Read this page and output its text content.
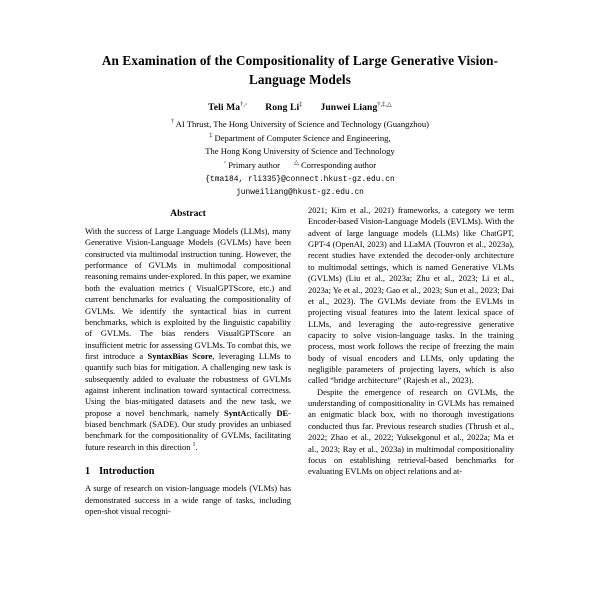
An Examination of the Compositionality of Large Generative Vision-Language Models
Teli Ma†,◦ Rong Li‡ Junwei Liang†,‡,△
† AI Thrust, The Hong University of Science and Technology (Guangzhou)
‡ Department of Computer Science and Engineering,
The Hong Kong University of Science and Technology
◦ Primary author △ Corresponding author
{tma184, rli335}@connect.hkust-gz.edu.cn
junweiliang@hkust-gz.edu.cn
Abstract

With the success of Large Language Models (LLMs), many Generative Vision-Language Models (GVLMs) have been constructed via multimodal instruction tuning. However, the performance of GVLMs in multimodal compositional reasoning remains under-explored. In this paper, we examine both the evaluation metrics ( VisualGPTScore, etc.) and current benchmarks for evaluating the compositionality of GVLMs. We identify the syntactical bias in current benchmarks, which is exploited by the linguistic capability of GVLMs. The bias renders VisualGPTScore an insufficient metric for assessing GVLMs. To combat this, we first introduce a SyntaxBias Score, leveraging LLMs to quantify such bias for mitigation. A challenging new task is subsequently added to evaluate the robustness of GVLMs against inherent inclination toward syntactical correctness. Using the bias-mitigated datasets and the new task, we propose a novel benchmark, namely SyntActically DE-biased benchmark (SADE). Our study provides an unbiased benchmark for the compositionality of GVLMs, facilitating future research in this direction $^1$.

1 Introduction

A surge of research on vision-language models (VLMs) has demonstrated success in a wide range of tasks, including open-shot visual recogni-

2021; Kim et al., 2021) frameworks, a category we term Encoder-based Vision-Language Models (EVLMs). With the advent of large language models (LLMs) like ChatGPT, GPT-4 (OpenAI, 2023) and LLaMA (Touvron et al., 2023a), recent studies have extended the decoder-only architecture to multimodal settings, which is named Generative VLMs (GVLMs) (Liu et al., 2023a; Zhu et al., 2023; Li et al., 2023a; Ye et al., 2023; Gao et al., 2023; Sun et al., 2023; Dai et al., 2023). The GVLMs deviate from the EVLMs in projecting visual features into the latent lexical space of LLMs, and leveraging the auto-regressive generative capacity to solve vision-language tasks. In the training process, most work follows the recipe of freezing the main body of visual encoders and LLMs, only updating the negligible parameters of projecting layers, which is also called “bridge architecture” (Rajesh et al., 2023).

Despite the emergence of research on GVLMs, the understanding of compositionality in GVLMs has remained an enigmatic black box, with no thorough investigations conducted thus far. Previous research studies (Thrush et al., 2022; Zhao et al., 2022; Yuksekgonul et al., 2022a; Ma et al., 2023; Ray et al., 2023a) in multimodal compositionality focus on establishing retrieval-based benchmarks for evaluating EVLMs on object relations and at-
